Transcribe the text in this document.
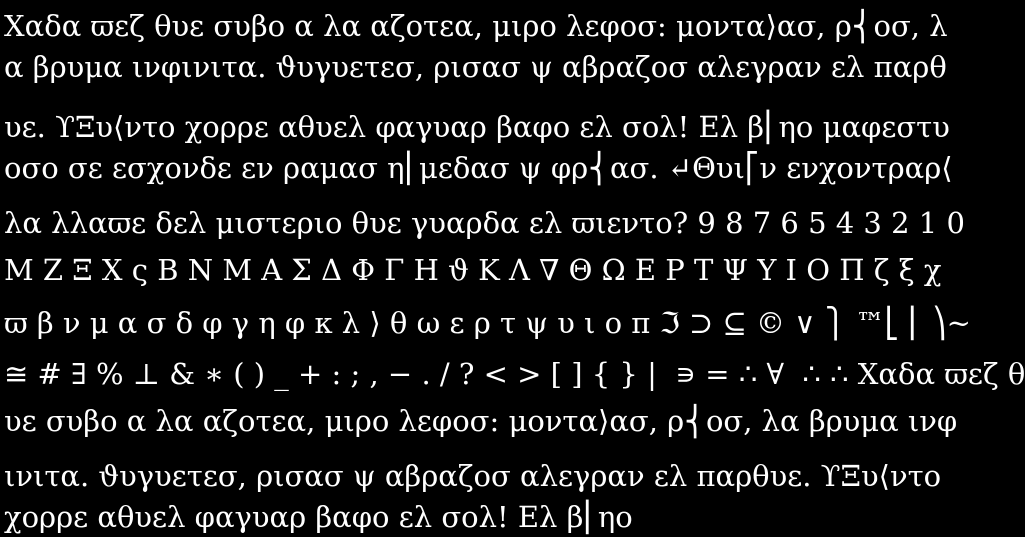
Χαδα ϖεζ θυε συβο α λα αζοτεα, μιρο λεφοσ: μοντα⟩ασ, ρ⎨οσ, λ
α βρυμα ινφινιτα. ϑυγυετεσ, ρισασ ψ αβραζοσ αλεγραν ελ παρθ
υε. ϒΞυ⟨ντο χορρε αθυελ φαγυαρ βαφο ελ σολ! Ελ β⎜ηο μαφεστυ
οσο σε εσχονδε εν ραμασ η⎜μεδασ ψ φρ⎨ασ. ↵Θυι⎡ν ενχοντραρ⟨
λα λλαϖε δελ μιστεριο θυε γυαρδα ελ ϖιεντο? 9 8 7 6 5 4 3 2 1 0
Μ Ζ Ξ Χ ς Β Ν Μ Α Σ Δ Φ Γ Η ϑ Κ Λ ∇ Θ Ω Ε Ρ Τ Ψ Υ Ι Ο Π ζ ξ χ
ϖ β ν μ α σ δ φ γ η φ κ λ ⟩ θ ω ε ρ τ ψ υ ι ο π ℑ ⊃ ⊆ © ∨ ⎫ ™⎣ ⎜ ⎞~
≅ # ∃ % ⊥ & ∗ ( ) _ + : ; , − . / ? < > [ ] { } |  ∍ = ∴ ∀  ∴ ∴ Χαδα ϖεζ θ
υε συβο α λα αζοτεα, μιρο λεφοσ: μοντα⟩ασ, ρ⎨οσ, λα βρυμα ινφ
ινιτα. ϑυγυετεσ, ρισασ ψ αβραζοσ αλεγραν ελ παρθυε. ϒΞυ⟨ντο
χορρε αθυελ φαγυαρ βαφο ελ σολ! Ελ β⎜ηο
